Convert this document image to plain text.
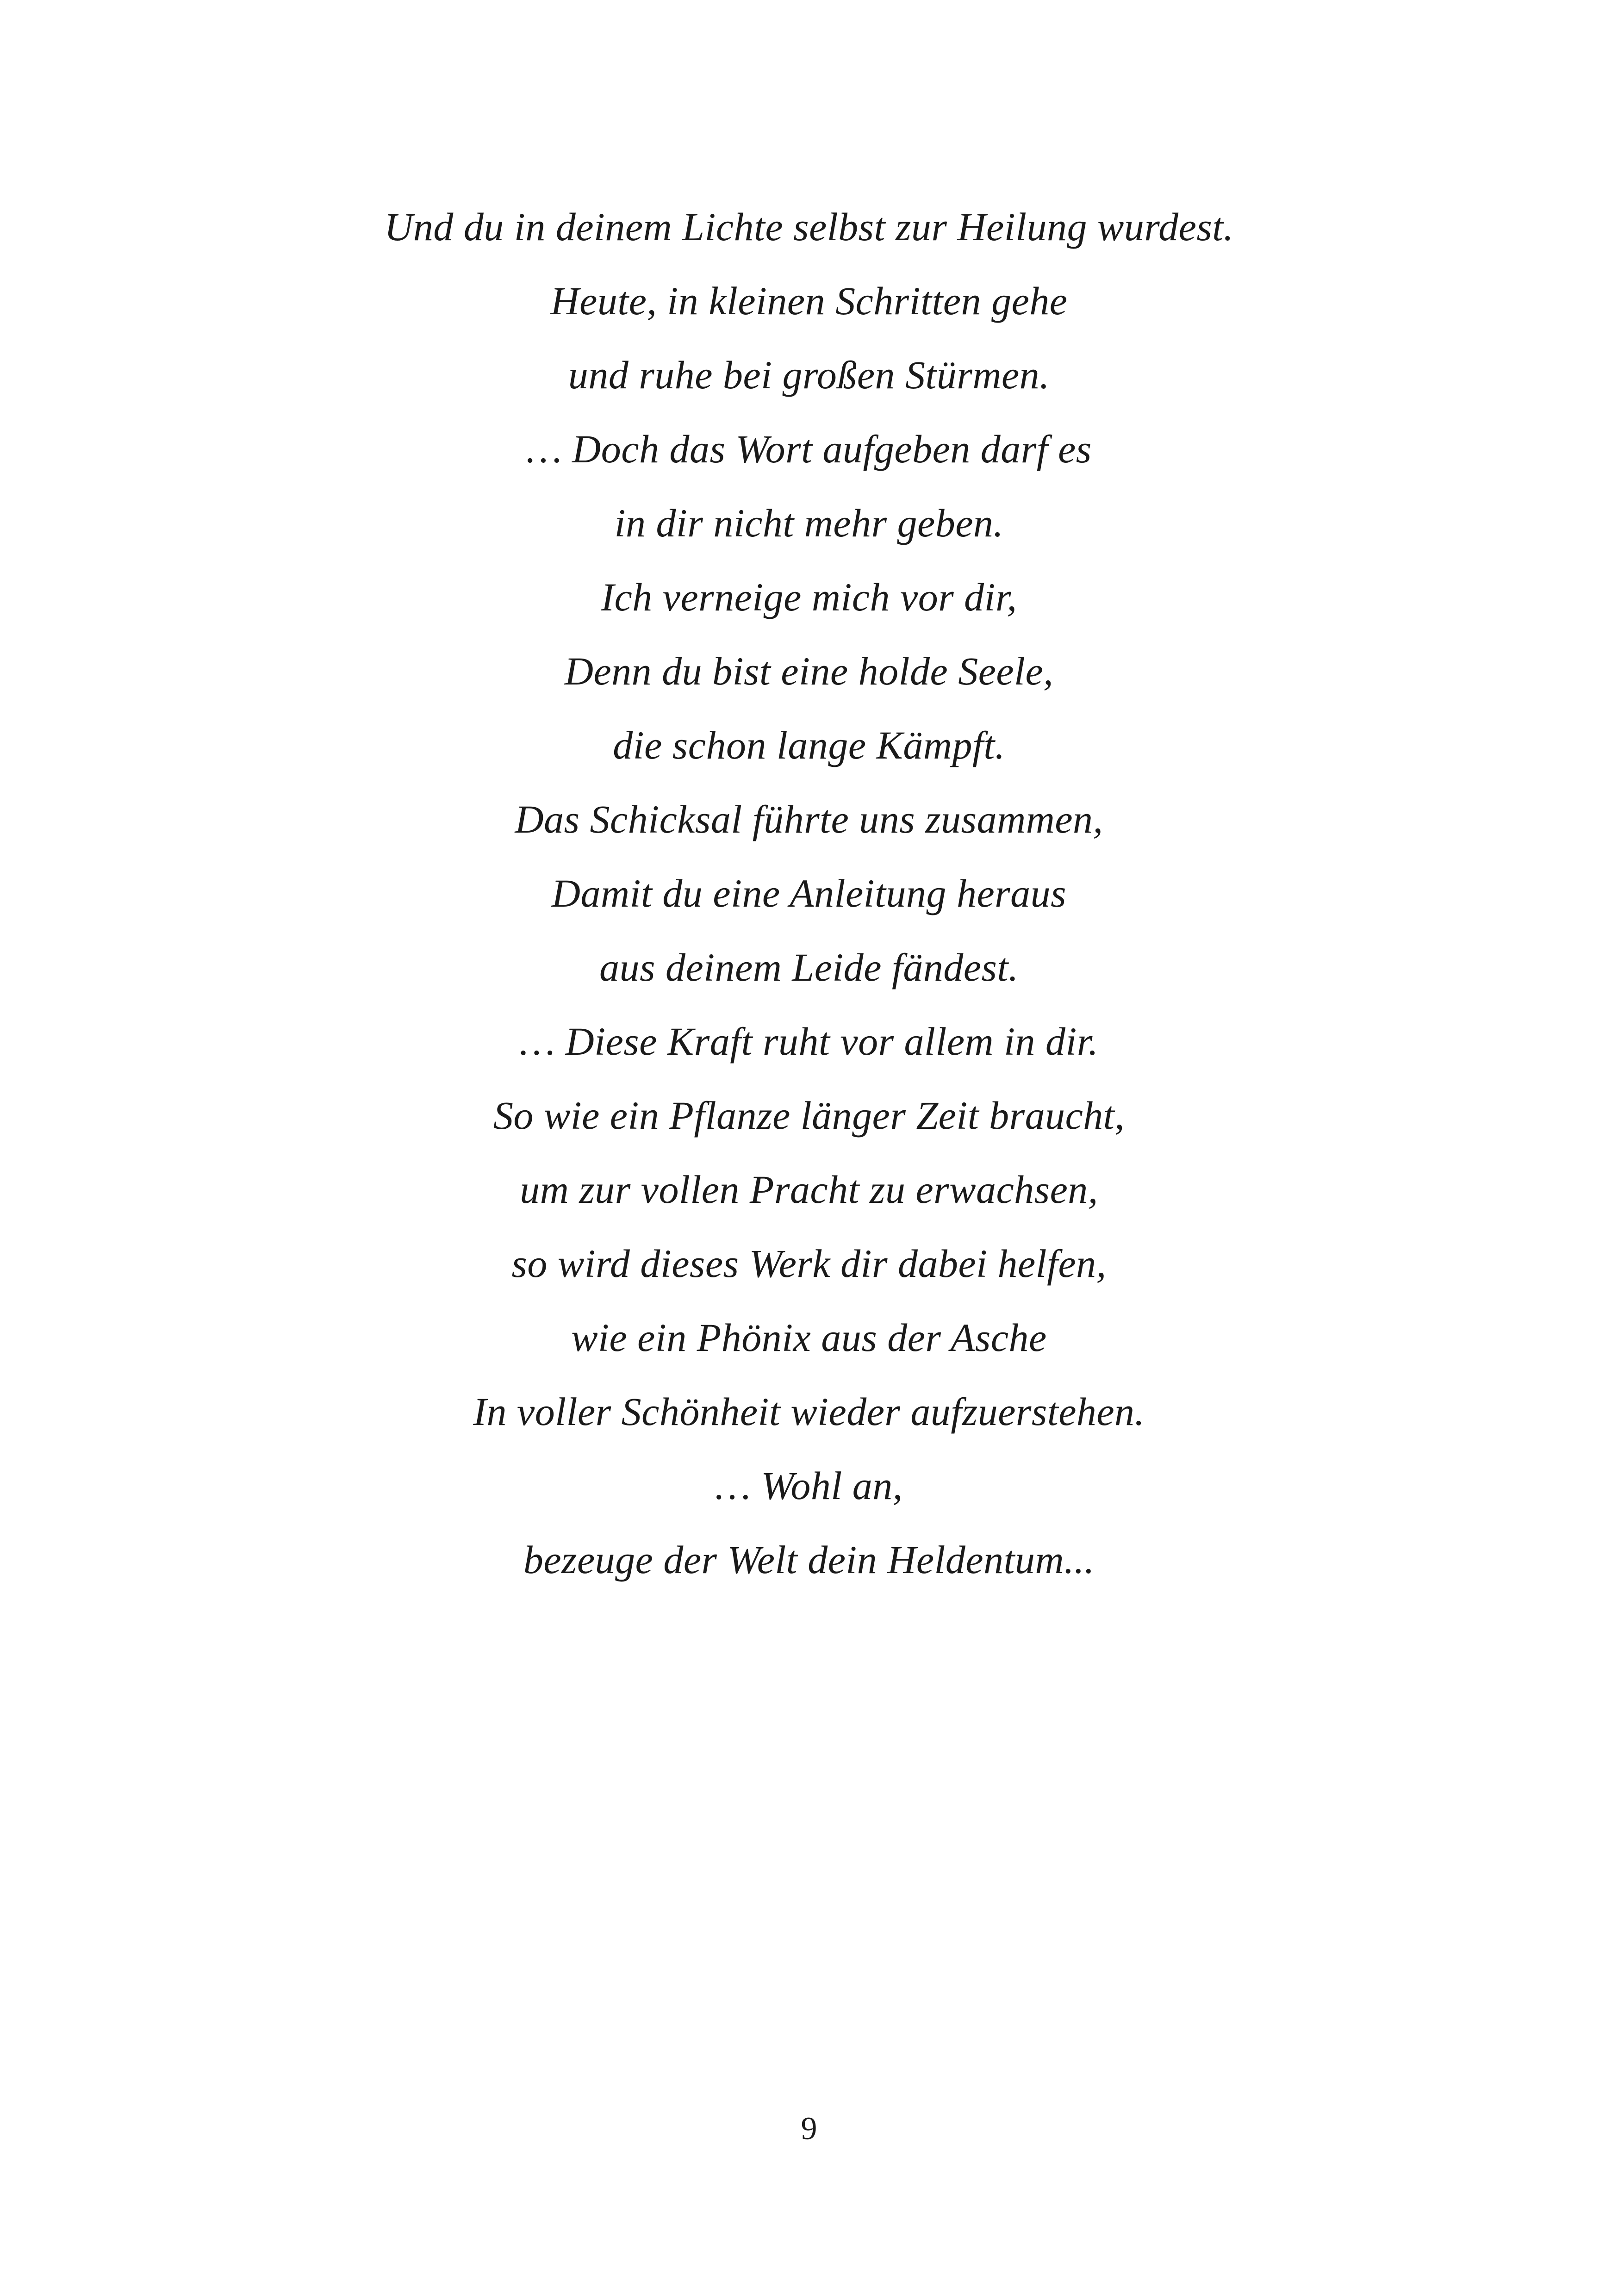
Und du in deinem Lichte selbst zur Heilung wurdest.
Heute, in kleinen Schritten gehe
und ruhe bei großen Stürmen.
… Doch das Wort aufgeben darf es
in dir nicht mehr geben.
Ich verneige mich vor dir,
Denn du bist eine holde Seele,
die schon lange Kämpft.
Das Schicksal führte uns zusammen,
Damit du eine Anleitung heraus
aus deinem Leide fändest.
… Diese Kraft ruht vor allem in dir.
So wie ein Pflanze länger Zeit braucht,
um zur vollen Pracht zu erwachsen,
so wird dieses Werk dir dabei helfen,
wie ein Phönix aus der Asche
In voller Schönheit wieder aufzuerstehen.
… Wohl an,
bezeuge der Welt dein Heldentum...
9
